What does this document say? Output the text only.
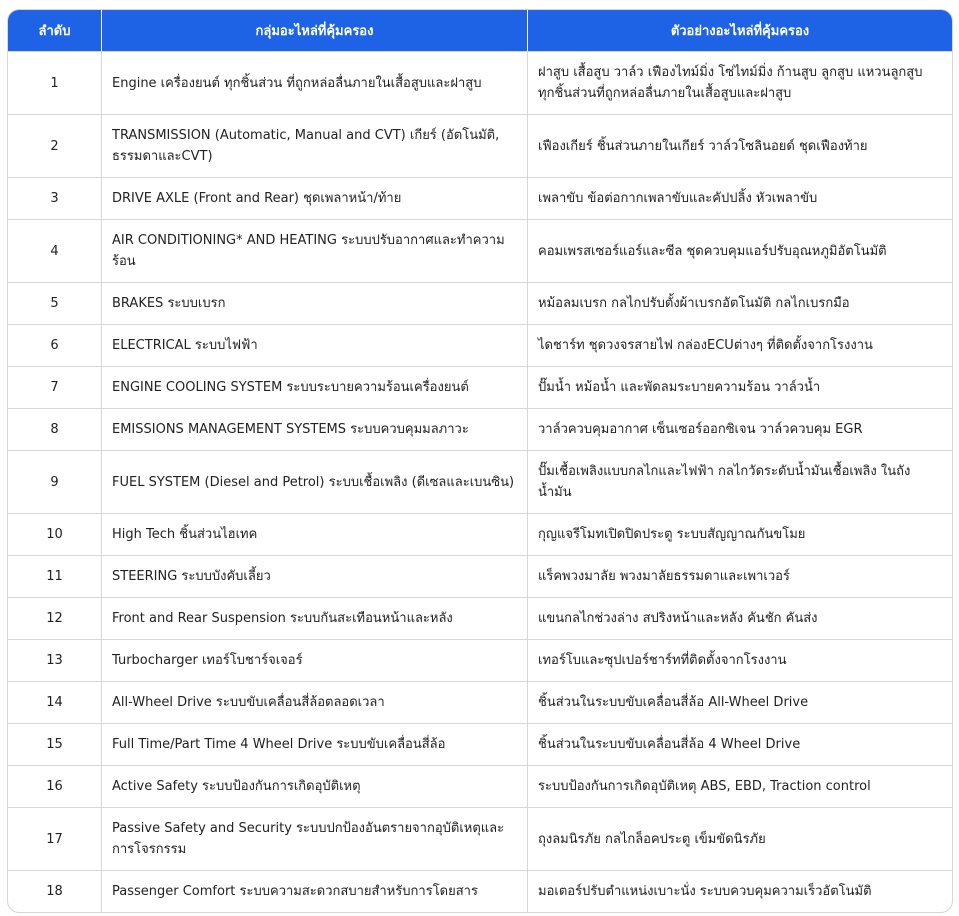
ลำดับ	กลุ่มอะไหล่ที่คุ้มครอง	ตัวอย่างอะไหล่ที่คุ้มครอง
1	Engine เครื่องยนต์ ทุกชิ้นส่วน ที่ถูกหล่อลื่นภายในเสื้อสูบและฝาสูบ	ฝาสูบ เสื้อสูบ วาล์ว เฟืองไทม์มิ่ง โซ่ไทม์มิ่ง ก้านสูบ ลูกสูบ แหวนลูกสูบ ทุกชิ้นส่วนที่ถูกหล่อลื่นภายในเสื้อสูบและฝาสูบ
2	TRANSMISSION (Automatic, Manual and CVT) เกียร์ (อัตโนมัติ, ธรรมดาและCVT)	เฟืองเกียร์ ชิ้นส่วนภายในเกียร์ วาล์วโซลินอยด์ ชุดเฟืองท้าย
3	DRIVE AXLE (Front and Rear) ชุดเพลาหน้า/ท้าย	เพลาขับ ข้อต่อกากเพลาขับและคัปปลิ้ง หัวเพลาขับ
4	AIR CONDITIONING* AND HEATING ระบบปรับอากาศและทำความร้อน	คอมเพรสเซอร์แอร์และซีล ชุดควบคุมแอร์ปรับอุณหภูมิอัตโนมัติ
5	BRAKES ระบบเบรก	หม้อลมเบรก กลไกปรับตั้งผ้าเบรกอัตโนมัติ กลไกเบรกมือ
6	ELECTRICAL ระบบไฟฟ้า	ไดชาร์ท ชุดวงจรสายไฟ กล่องECUต่างๆ ที่ติดตั้งจากโรงงาน
7	ENGINE COOLING SYSTEM ระบบระบายความร้อนเครื่องยนต์	ปั๊มน้ำ หม้อน้ำ และพัดลมระบายความร้อน วาล์วน้ำ
8	EMISSIONS MANAGEMENT SYSTEMS ระบบควบคุมมลภาวะ	วาล์วควบคุมอากาศ เซ็นเซอร์ออกซิเจน วาล์วควบคุม EGR
9	FUEL SYSTEM (Diesel and Petrol) ระบบเชื้อเพลิง (ดีเซลและเบนซิน)	ปั๊มเชื้อเพลิงแบบกลไกและไฟฟ้า กลไกวัดระดับน้ำมันเชื้อเพลิง ในถังน้ำมัน
10	High Tech ชิ้นส่วนไฮเทค	กุญแจรีโมทเปิดปิดประตู ระบบสัญญาณกันขโมย
11	STEERING ระบบบังคับเลี้ยว	แร็คพวงมาลัย พวงมาลัยธรรมดาและเพาเวอร์
12	Front and Rear Suspension ระบบกันสะเทือนหน้าและหลัง	แขนกลไกช่วงล่าง สปริงหน้าและหลัง คันชัก คันส่ง
13	Turbocharger เทอร์โบชาร์จเจอร์	เทอร์โบและซุปเปอร์ชาร์ทที่ติดตั้งจากโรงงาน
14	All-Wheel Drive ระบบขับเคลื่อนสี่ล้อตลอดเวลา	ชิ้นส่วนในระบบขับเคลื่อนสี่ล้อ All-Wheel Drive
15	Full Time/Part Time 4 Wheel Drive ระบบขับเคลื่อนสี่ล้อ	ชิ้นส่วนในระบบขับเคลื่อนสี่ล้อ 4 Wheel Drive
16	Active Safety ระบบป้องกันการเกิดอุบัติเหตุ	ระบบป้องกันการเกิดอุบัติเหตุ ABS, EBD, Traction control
17	Passive Safety and Security ระบบปกป้องอันตรายจากอุบัติเหตุและการโจรกรรม	ถุงลมนิรภัย กลไกล็อคประตู เข็มขัดนิรภัย
18	Passenger Comfort ระบบความสะดวกสบายสำหรับการโดยสาร	มอเตอร์ปรับตำแหน่งเบาะนั่ง ระบบควบคุมความเร็วอัตโนมัติ
